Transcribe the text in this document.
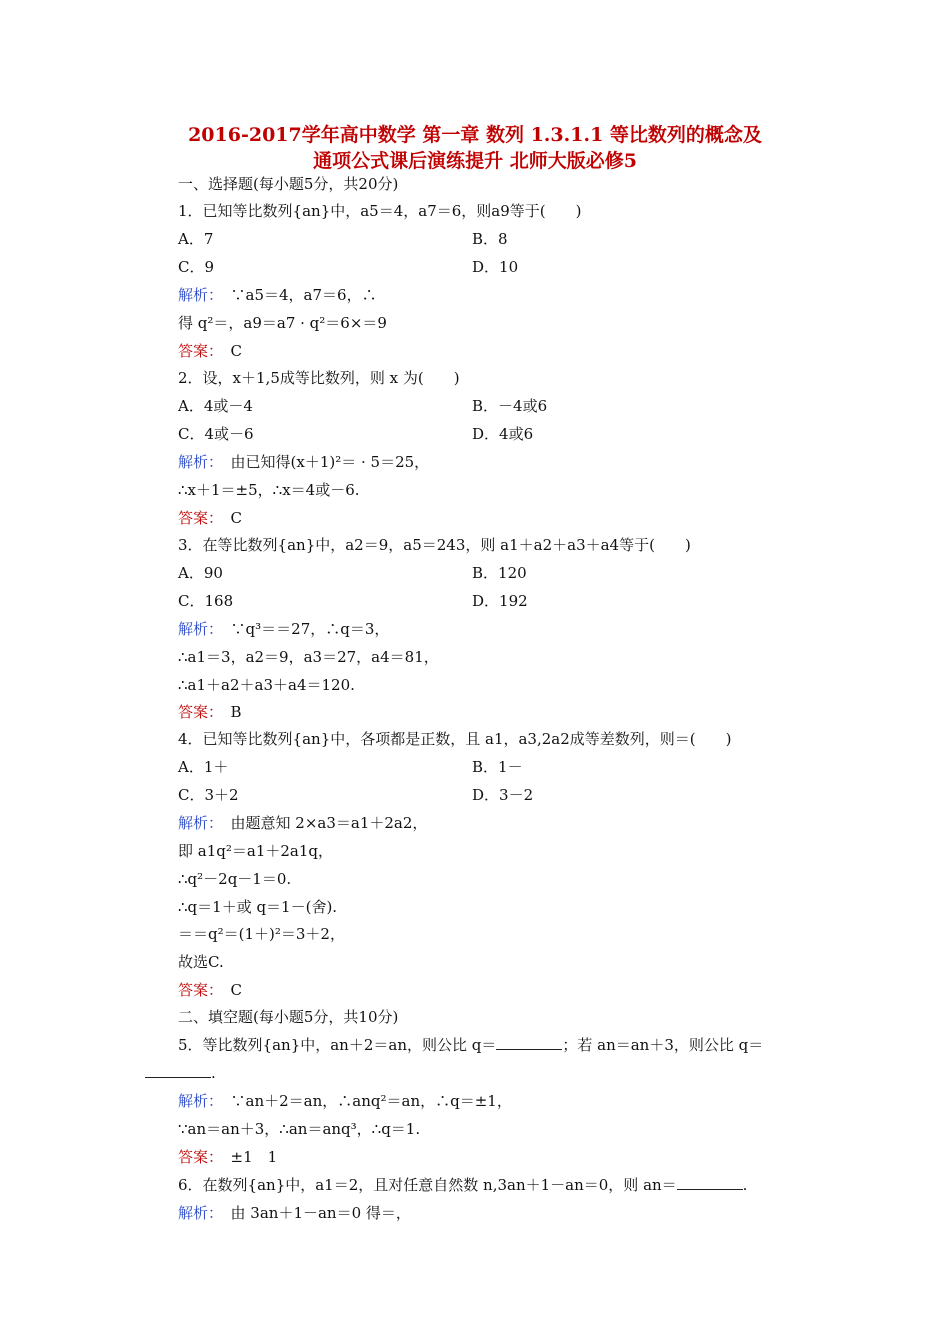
2016-2017学年高中数学 第一章 数列 1.3.1.1 等比数列的概念及
通项公式课后演练提升 北师大版必修5
一、选择题(每小题5分，共20分)
1．已知等比数列{an}中，a5＝4，a7＝6，则a9等于(　　)
A．7	B．8
C．9	D．10
解析：　 ∵a5＝4，a7＝6，∴
得 q²＝，a9＝a7 · q²＝6×＝9
答案：　 C
2．设，x＋1,5成等比数列，则 x 为(　　)
A．4或－4	B．－4或6
C．4或－6	D．4或6
解析：　 由已知得(x＋1)²＝ · 5＝25，
∴x＋1＝±5，∴x＝4或－6.
答案：　 C
3．在等比数列{an}中，a2＝9，a5＝243，则 a1＋a2＋a3＋a4等于(　　)
A．90	B．120
C．168	D．192
解析：　 ∵q³＝＝27，∴q＝3，
∴a1＝3，a2＝9，a3＝27，a4＝81，
∴a1＋a2＋a3＋a4＝120.
答案：　 B
4．已知等比数列{an}中，各项都是正数，且 a1，a3,2a2成等差数列，则＝(　　)
A．1＋	B．1－
C．3＋2	D．3－2
解析：　 由题意知 2×a3＝a1＋2a2，
即 a1q²＝a1＋2a1q，
∴q²－2q－1＝0.
∴q＝1＋或 q＝1－(舍).
＝＝q²＝(1＋)²＝3＋2，
故选C.
答案：　 C
二、填空题(每小题5分，共10分)
5．等比数列{an}中，an＋2＝an，则公比 q＝	；若 an＝an＋3，则公比 q＝
.
解析：　 ∵an＋2＝an，∴anq²＝an，∴q＝±1，
∵an＝an＋3，∴an＝anq³，∴q＝1.
答案：　 ±1　1
6．在数列{an}中，a1＝2，且对任意自然数 n,3an＋1－an＝0，则 an＝	.
解析：　 由 3an＋1－an＝0 得＝，
